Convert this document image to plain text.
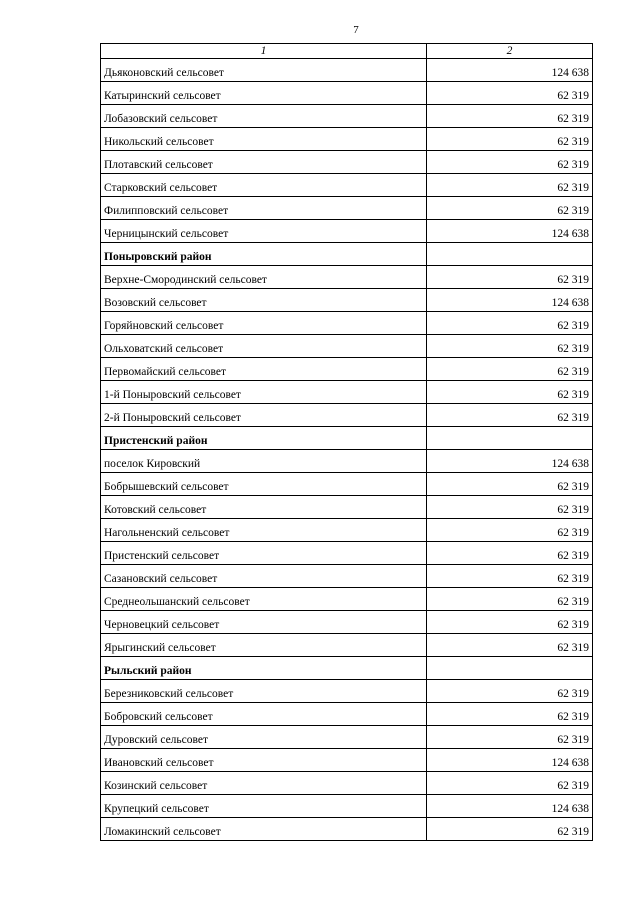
7
1	2
Дьяконовский сельсовет	124 638
Катыринский сельсовет	62 319
Лобазовский сельсовет	62 319
Никольский сельсовет	62 319
Плотавский сельсовет	62 319
Старковский сельсовет	62 319
Филипповский сельсовет	62 319
Черницынский сельсовет	124 638
Поныровский район	
Верхне-Смородинский сельсовет	62 319
Возовский сельсовет	124 638
Горяйновский сельсовет	62 319
Ольховатский сельсовет	62 319
Первомайский сельсовет	62 319
1-й Поныровский сельсовет	62 319
2-й Поныровский сельсовет	62 319
Пристенский район	
поселок Кировский	124 638
Бобрышевский сельсовет	62 319
Котовский сельсовет	62 319
Нагольненский сельсовет	62 319
Пристенский сельсовет	62 319
Сазановский сельсовет	62 319
Среднеольшанский сельсовет	62 319
Черновецкий сельсовет	62 319
Ярыгинский сельсовет	62 319
Рыльский район	
Березниковский сельсовет	62 319
Бобровский сельсовет	62 319
Дуровский сельсовет	62 319
Ивановский сельсовет	124 638
Козинский сельсовет	62 319
Крупецкий сельсовет	124 638
Ломакинский сельсовет	62 319
